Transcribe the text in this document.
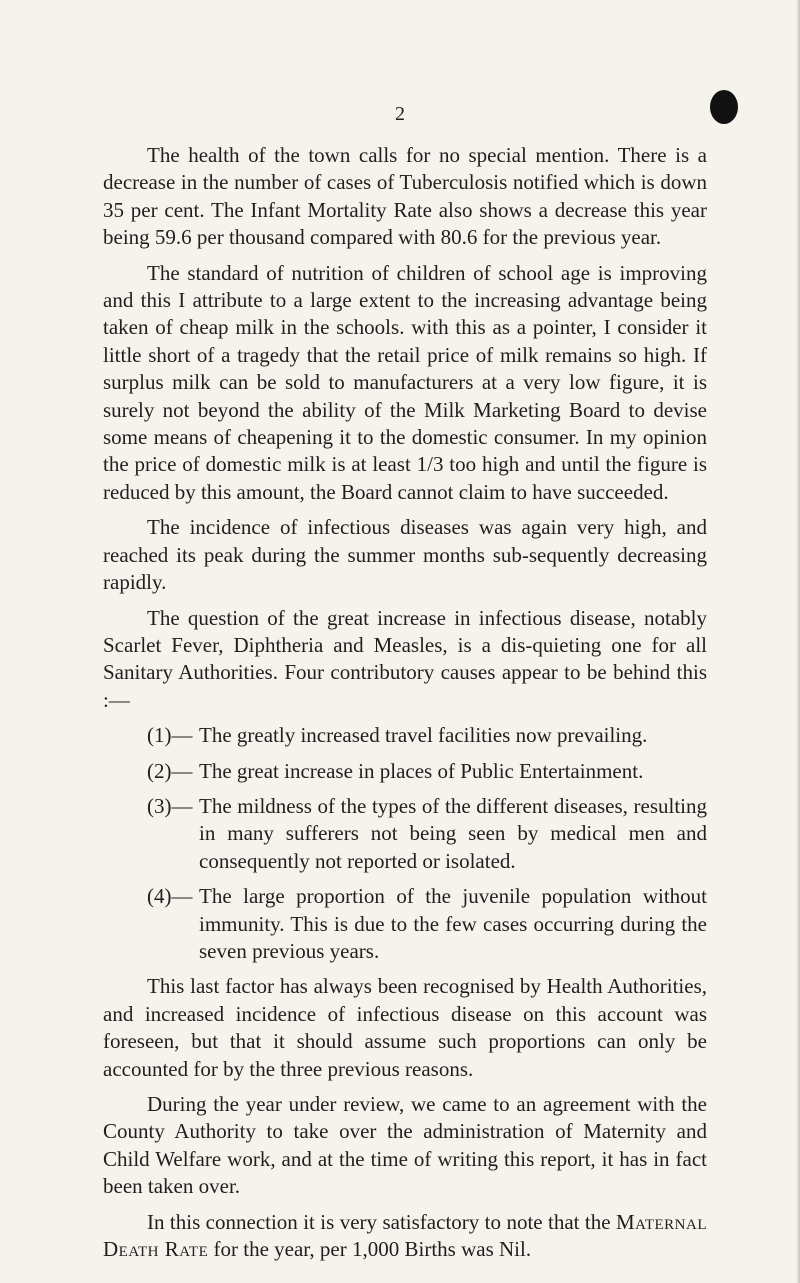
2

The health of the town calls for no special mention. There is a decrease in the number of cases of Tuberculosis notified which is down 35 per cent. The Infant Mortality Rate also shows a decrease this year being 59.6 per thousand compared with 80.6 for the previous year.

The standard of nutrition of children of school age is improving and this I attribute to a large extent to the increasing advantage being taken of cheap milk in the schools. with this as a pointer, I consider it little short of a tragedy that the retail price of milk remains so high. If surplus milk can be sold to manufacturers at a very low figure, it is surely not beyond the ability of the Milk Marketing Board to devise some means of cheapening it to the domestic consumer. In my opinion the price of domestic milk is at least 1/3 too high and until the figure is reduced by this amount, the Board cannot claim to have succeeded.

The incidence of infectious diseases was again very high, and reached its peak during the summer months sub-sequently decreasing rapidly.

The question of the great increase in infectious disease, notably Scarlet Fever, Diphtheria and Measles, is a dis-quieting one for all Sanitary Authorities. Four contributory causes appear to be behind this :—

(1)— The greatly increased travel facilities now prevailing.
(2)— The great increase in places of Public Entertainment.
(3)— The mildness of the types of the different diseases, resulting in many sufferers not being seen by medical men and consequently not reported or isolated.
(4)— The large proportion of the juvenile population without immunity. This is due to the few cases occurring during the seven previous years.

This last factor has always been recognised by Health Authorities, and increased incidence of infectious disease on this account was foreseen, but that it should assume such proportions can only be accounted for by the three previous reasons.

During the year under review, we came to an agreement with the County Authority to take over the administration of Maternity and Child Welfare work, and at the time of writing this report, it has in fact been taken over.

In this connection it is very satisfactory to note that the Maternal Death Rate for the year, per 1,000 Births was Nil.
